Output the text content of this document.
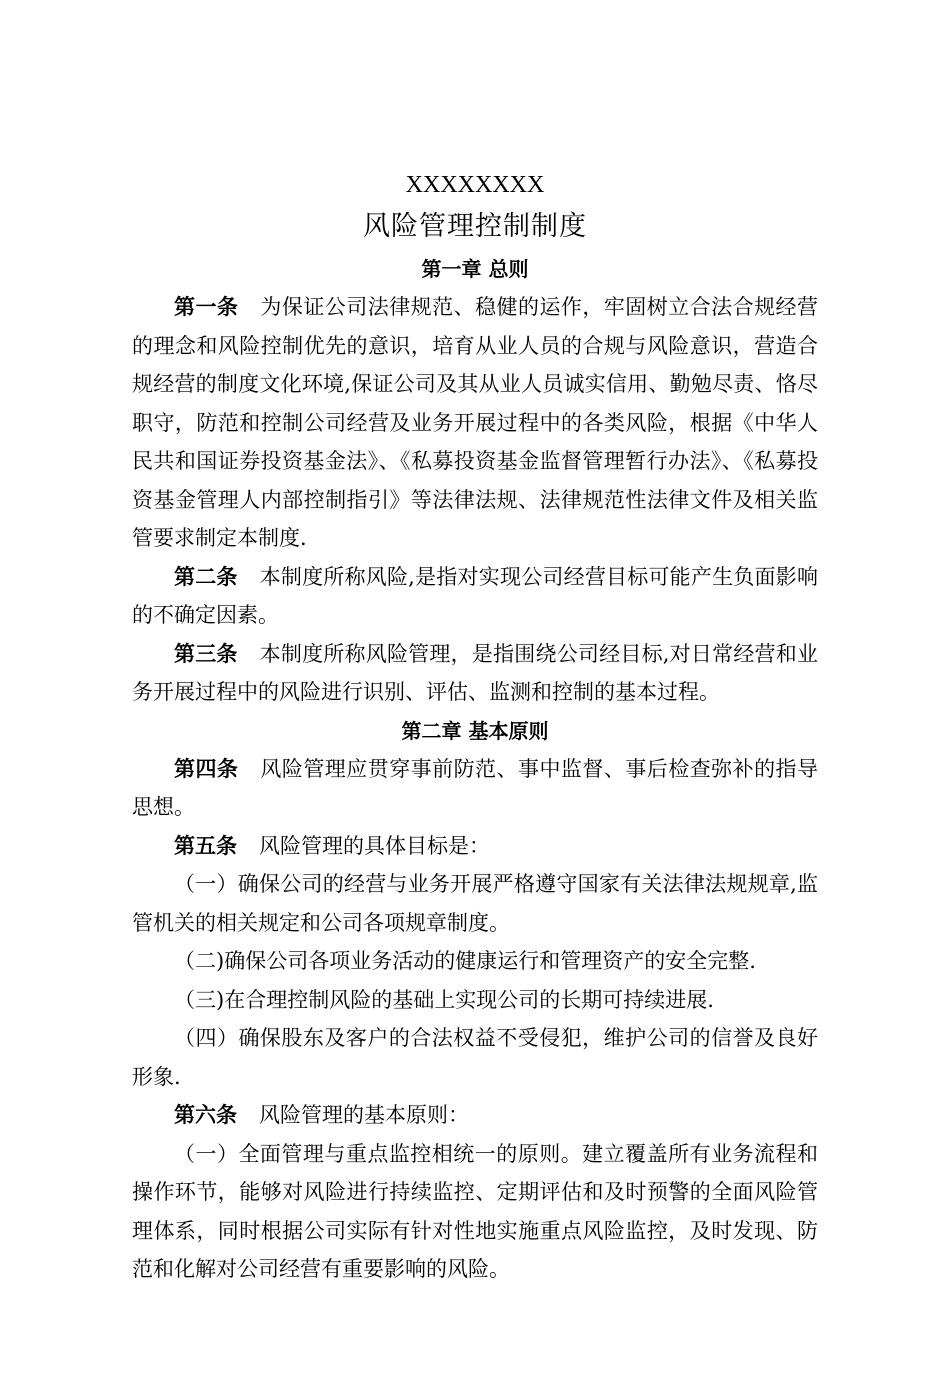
XXXXXXXX
风险管理控制制度
第一章 总则

第一条 为保证公司法律规范、稳健的运作，牢固树立合法合规经营的理念和风险控制优先的意识，培育从业人员的合规与风险意识，营造合规经营的制度文化环境,保证公司及其从业人员诚实信用、勤勉尽责、恪尽职守，防范和控制公司经营及业务开展过程中的各类风险，根据《中华人民共和国证券投资基金法》、《私募投资基金监督管理暂行办法》、《私募投资基金管理人内部控制指引》等法律法规、法律规范性法律文件及相关监管要求制定本制度.

第二条 本制度所称风险,是指对实现公司经营目标可能产生负面影响的不确定因素。

第三条 本制度所称风险管理，是指围绕公司经目标,对日常经营和业务开展过程中的风险进行识别、评估、监测和控制的基本过程。

第二章 基本原则

第四条 风险管理应贯穿事前防范、事中监督、事后检查弥补的指导思想。

第五条 风险管理的具体目标是：

（一）确保公司的经营与业务开展严格遵守国家有关法律法规规章,监管机关的相关规定和公司各项规章制度。

（二)确保公司各项业务活动的健康运行和管理资产的安全完整.

（三)在合理控制风险的基础上实现公司的长期可持续进展.

（四）确保股东及客户的合法权益不受侵犯，维护公司的信誉及良好形象.

第六条 风险管理的基本原则：

（一）全面管理与重点监控相统一的原则。建立覆盖所有业务流程和操作环节，能够对风险进行持续监控、定期评估和及时预警的全面风险管理体系，同时根据公司实际有针对性地实施重点风险监控，及时发现、防范和化解对公司经营有重要影响的风险。
